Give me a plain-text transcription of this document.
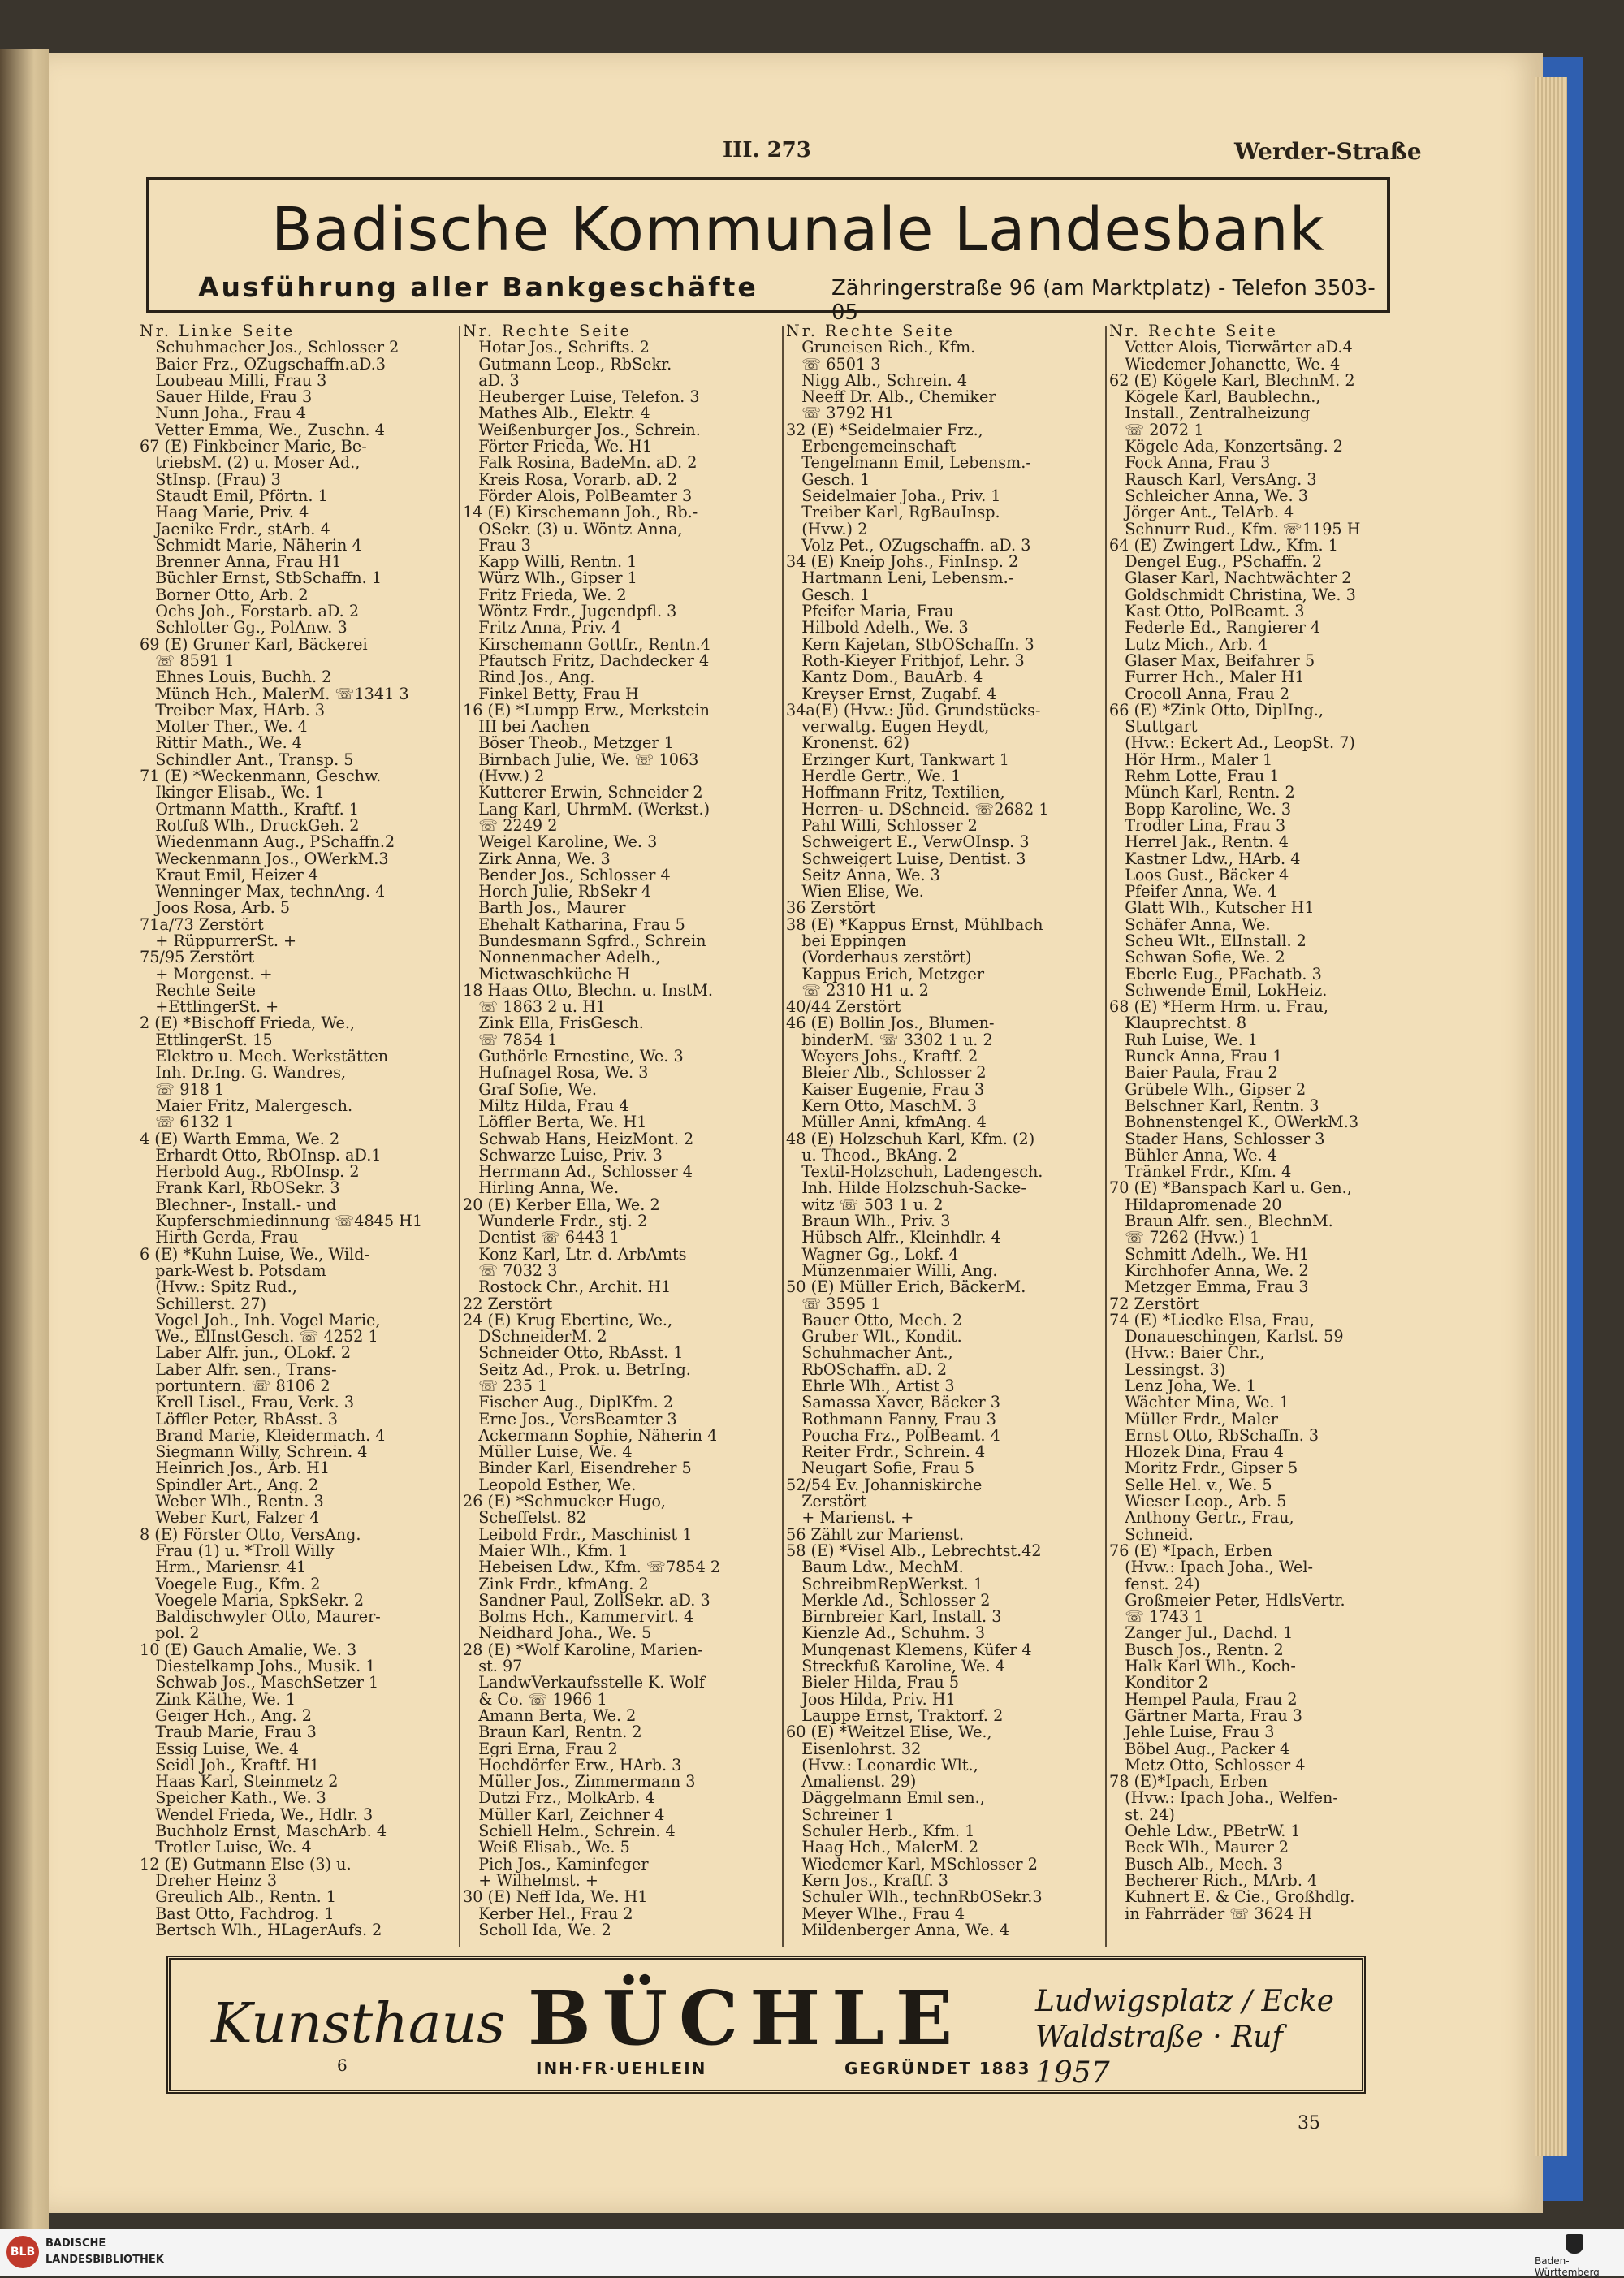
III. 273	Werder-Straße
Badische Kommunale Landesbank
Ausführung aller Bankgeschäfte	Zähringerstraße 96 (am Marktplatz) - Telefon 3503-05
Nr. Linke Seite
 Schuhmacher Jos., Schlosser 2
 Baier Frz., OZugschaffn.aD.3
 Loubeau Milli, Frau 3
 Sauer Hilde, Frau 3
 Nunn Joha., Frau 4
 Vetter Emma, We., Zuschn. 4
67 (E) Finkbeiner Marie, Be-
 triebsM. (2) u. Moser Ad.,
 StInsp. (Frau) 3
 Staudt Emil, Pförtn. 1
 Haag Marie, Priv. 4
 Jaenike Frdr., stArb. 4
 Schmidt Marie, Näherin 4
 Brenner Anna, Frau H1
 Büchler Ernst, StbSchaffn. 1
 Borner Otto, Arb. 2
 Ochs Joh., Forstarb. aD. 2
 Schlotter Gg., PolAnw. 3
69 (E) Gruner Karl, Bäckerei
 ☏ 8591 1
 Ehnes Louis, Buchh. 2
 Münch Hch., MalerM. ☏1341 3
 Treiber Max, HArb. 3
 Molter Ther., We. 4
 Rittir Math., We. 4
 Schindler Ant., Transp. 5
71 (E) *Weckenmann, Geschw.
 Ikinger Elisab., We. 1
 Ortmann Matth., Kraftf. 1
 Rotfuß Wlh., DruckGeh. 2
 Wiedenmann Aug., PSchaffn.2
 Weckenmann Jos., OWerkM.3
 Kraut Emil, Heizer 4
 Wenninger Max, technAng. 4
 Joos Rosa, Arb. 5
71a/73 Zerstört
 + RüppurrerSt. +
75/95 Zerstört
 + Morgenst. +
 Rechte Seite
 +EttlingerSt. +
2 (E) *Bischoff Frieda, We.,
 EttlingerSt. 15
 Elektro u. Mech. Werkstätten
 Inh. Dr.Ing. G. Wandres,
 ☏ 918 1
 Maier Fritz, Malergesch.
 ☏ 6132 1
4 (E) Warth Emma, We. 2
 Erhardt Otto, RbOInsp. aD.1
 Herbold Aug., RbOInsp. 2
 Frank Karl, RbOSekr. 3
 Blechner-, Install.- und
 Kupferschmiedinnung ☏4845 H1
 Hirth Gerda, Frau
6 (E) *Kuhn Luise, We., Wild-
 park-West b. Potsdam
 (Hvw.: Spitz Rud.,
 Schillerst. 27)
 Vogel Joh., Inh. Vogel Marie,
 We., ElInstGesch. ☏ 4252 1
 Laber Alfr. jun., OLokf. 2
 Laber Alfr. sen., Trans-
 portuntern. ☏ 8106 2
 Krell Lisel., Frau, Verk. 3
 Löffler Peter, RbAsst. 3
 Brand Marie, Kleidermach. 4
 Siegmann Willy, Schrein. 4
 Heinrich Jos., Arb. H1
 Spindler Art., Ang. 2
 Weber Wlh., Rentn. 3
 Weber Kurt, Falzer 4
8 (E) Förster Otto, VersAng.
 Frau (1) u. *Troll Willy
 Hrm., Mariensr. 41
 Voegele Eug., Kfm. 2
 Voegele Maria, SpkSekr. 2
 Baldischwyler Otto, Maurer-
 pol. 2
10 (E) Gauch Amalie, We. 3
 Diestelkamp Johs., Musik. 1
 Schwab Jos., MaschSetzer 1
 Zink Käthe, We. 1
 Geiger Hch., Ang. 2
 Traub Marie, Frau 3
 Essig Luise, We. 4
 Seidl Joh., Kraftf. H1
 Haas Karl, Steinmetz 2
 Speicher Kath., We. 3
 Wendel Frieda, We., Hdlr. 3
 Buchholz Ernst, MaschArb. 4
 Trotler Luise, We. 4
12 (E) Gutmann Else (3) u.
 Dreher Heinz 3
 Greulich Alb., Rentn. 1
 Bast Otto, Fachdrog. 1
 Bertsch Wlh., HLagerAufs. 2
Nr. Rechte Seite
 Hotar Jos., Schrifts. 2
 Gutmann Leop., RbSekr.
 aD. 3
 Heuberger Luise, Telefon. 3
 Mathes Alb., Elektr. 4
 Weißenburger Jos., Schrein.
 Förter Frieda, We. H1
 Falk Rosina, BadeMn. aD. 2
 Kreis Rosa, Vorarb. aD. 2
 Förder Alois, PolBeamter 3
14 (E) Kirschemann Joh., Rb.-
 OSekr. (3) u. Wöntz Anna,
 Frau 3
 Kapp Willi, Rentn. 1
 Würz Wlh., Gipser 1
 Fritz Frieda, We. 2
 Wöntz Frdr., Jugendpfl. 3
 Fritz Anna, Priv. 4
 Kirschemann Gottfr., Rentn.4
 Pfautsch Fritz, Dachdecker 4
 Rind Jos., Ang.
 Finkel Betty, Frau H
16 (E) *Lumpp Erw., Merkstein
 III bei Aachen
 Böser Theob., Metzger 1
 Birnbach Julie, We. ☏ 1063
 (Hvw.) 2
 Kutterer Erwin, Schneider 2
 Lang Karl, UhrmM. (Werkst.)
 ☏ 2249 2
 Weigel Karoline, We. 3
 Zirk Anna, We. 3
 Bender Jos., Schlosser 4
 Horch Julie, RbSekr 4
 Barth Jos., Maurer
 Ehehalt Katharina, Frau 5
 Bundesmann Sgfrd., Schrein
 Nonnenmacher Adelh.,
 Mietwaschküche H
18 Haas Otto, Blechn. u. InstM.
 ☏ 1863 2 u. H1
 Zink Ella, FrisGesch.
 ☏ 7854 1
 Guthörle Ernestine, We. 3
 Hufnagel Rosa, We. 3
 Graf Sofie, We.
 Miltz Hilda, Frau 4
 Löffler Berta, We. H1
 Schwab Hans, HeizMont. 2
 Schwarze Luise, Priv. 3
 Herrmann Ad., Schlosser 4
 Hirling Anna, We.
20 (E) Kerber Ella, We. 2
 Wunderle Frdr., stj. 2
 Dentist ☏ 6443 1
 Konz Karl, Ltr. d. ArbAmts
 ☏ 7032 3
 Rostock Chr., Archit. H1
22 Zerstört
24 (E) Krug Ebertine, We.,
 DSchneiderM. 2
 Schneider Otto, RbAsst. 1
 Seitz Ad., Prok. u. BetrIng.
 ☏ 235 1
 Fischer Aug., DiplKfm. 2
 Erne Jos., VersBeamter 3
 Ackermann Sophie, Näherin 4
 Müller Luise, We. 4
 Binder Karl, Eisendreher 5
 Leopold Esther, We.
26 (E) *Schmucker Hugo,
 Scheffelst. 82
 Leibold Frdr., Maschinist 1
 Maier Wlh., Kfm. 1
 Hebeisen Ldw., Kfm. ☏7854 2
 Zink Frdr., kfmAng. 2
 Sandner Paul, ZollSekr. aD. 3
 Bolms Hch., Kammervirt. 4
 Neidhard Joha., We. 5
28 (E) *Wolf Karoline, Marien-
 st. 97
 LandwVerkaufsstelle K. Wolf
 & Co. ☏ 1966 1
 Amann Berta, We. 2
 Braun Karl, Rentn. 2
 Egri Erna, Frau 2
 Hochdörfer Erw., HArb. 3
 Müller Jos., Zimmermann 3
 Dutzi Frz., MolkArb. 4
 Müller Karl, Zeichner 4
 Schiell Helm., Schrein. 4
 Weiß Elisab., We. 5
 Pich Jos., Kaminfeger
 + Wilhelmst. +
30 (E) Neff Ida, We. H1
 Kerber Hel., Frau 2
 Scholl Ida, We. 2
Nr. Rechte Seite
 Gruneisen Rich., Kfm.
 ☏ 6501 3
 Nigg Alb., Schrein. 4
 Neeff Dr. Alb., Chemiker
 ☏ 3792 H1
32 (E) *Seidelmaier Frz.,
 Erbengemeinschaft
 Tengelmann Emil, Lebensm.-
 Gesch. 1
 Seidelmaier Joha., Priv. 1
 Treiber Karl, RgBauInsp.
 (Hvw.) 2
 Volz Pet., OZugschaffn. aD. 3
34 (E) Kneip Johs., FinInsp. 2
 Hartmann Leni, Lebensm.-
 Gesch. 1
 Pfeifer Maria, Frau
 Hilbold Adelh., We. 3
 Kern Kajetan, StbOSchaffn. 3
 Roth-Kieyer Frithjof, Lehr. 3
 Kantz Dom., BauArb. 4
 Kreyser Ernst, Zugabf. 4
34a(E) (Hvw.: Jüd. Grundstücks-
 verwaltg. Eugen Heydt,
 Kronenst. 62)
 Erzinger Kurt, Tankwart 1
 Herdle Gertr., We. 1
 Hoffmann Fritz, Textilien,
 Herren- u. DSchneid. ☏2682 1
 Pahl Willi, Schlosser 2
 Schweigert E., VerwOInsp. 3
 Schweigert Luise, Dentist. 3
 Seitz Anna, We. 3
 Wien Elise, We.
36 Zerstört
38 (E) *Kappus Ernst, Mühlbach
 bei Eppingen
 (Vorderhaus zerstört)
 Kappus Erich, Metzger
 ☏ 2310 H1 u. 2
40/44 Zerstört
46 (E) Bollin Jos., Blumen-
 binderM. ☏ 3302 1 u. 2
 Weyers Johs., Kraftf. 2
 Bleier Alb., Schlosser 2
 Kaiser Eugenie, Frau 3
 Kern Otto, MaschM. 3
 Müller Anni, kfmAng. 4
48 (E) Holzschuh Karl, Kfm. (2)
 u. Theod., BkAng. 2
 Textil-Holzschuh, Ladengesch.
 Inh. Hilde Holzschuh-Sacke-
 witz ☏ 503 1 u. 2
 Braun Wlh., Priv. 3
 Hübsch Alfr., Kleinhdlr. 4
 Wagner Gg., Lokf. 4
 Münzenmaier Willi, Ang.
50 (E) Müller Erich, BäckerM.
 ☏ 3595 1
 Bauer Otto, Mech. 2
 Gruber Wlt., Kondit.
 Schuhmacher Ant.,
 RbOSchaffn. aD. 2
 Ehrle Wlh., Artist 3
 Samassa Xaver, Bäcker 3
 Rothmann Fanny, Frau 3
 Poucha Frz., PolBeamt. 4
 Reiter Frdr., Schrein. 4
 Neugart Sofie, Frau 5
52/54 Ev. Johanniskirche
 Zerstört
 + Marienst. +
56 Zählt zur Marienst.
58 (E) *Visel Alb., Lebrechtst.42
 Baum Ldw., MechM.
 SchreibmRepWerkst. 1
 Merkle Ad., Schlosser 2
 Birnbreier Karl, Install. 3
 Kienzle Ad., Schuhm. 3
 Mungenast Klemens, Küfer 4
 Streckfuß Karoline, We. 4
 Bieler Hilda, Frau 5
 Joos Hilda, Priv. H1
 Lauppe Ernst, Traktorf. 2
60 (E) *Weitzel Elise, We.,
 Eisenlohrst. 32
 (Hvw.: Leonardic Wlt.,
 Amalienst. 29)
 Däggelmann Emil sen.,
 Schreiner 1
 Schuler Herb., Kfm. 1
 Haag Hch., MalerM. 2
 Wiedemer Karl, MSchlosser 2
 Kern Jos., Kraftf. 3
 Schuler Wlh., technRbOSekr.3
 Meyer Wlhe., Frau 4
 Mildenberger Anna, We. 4
Nr. Rechte Seite
 Vetter Alois, Tierwärter aD.4
 Wiedemer Johanette, We. 4
62 (E) Kögele Karl, BlechnM. 2
 Kögele Karl, Baublechn.,
 Install., Zentralheizung
 ☏ 2072 1
 Kögele Ada, Konzertsäng. 2
 Fock Anna, Frau 3
 Rausch Karl, VersAng. 3
 Schleicher Anna, We. 3
 Jörger Ant., TelArb. 4
 Schnurr Rud., Kfm. ☏1195 H
64 (E) Zwingert Ldw., Kfm. 1
 Dengel Eug., PSchaffn. 2
 Glaser Karl, Nachtwächter 2
 Goldschmidt Christina, We. 3
 Kast Otto, PolBeamt. 3
 Federle Ed., Rangierer 4
 Lutz Mich., Arb. 4
 Glaser Max, Beifahrer 5
 Furrer Hch., Maler H1
 Crocoll Anna, Frau 2
66 (E) *Zink Otto, DiplIng.,
 Stuttgart
 (Hvw.: Eckert Ad., LeopSt. 7)
 Hör Hrm., Maler 1
 Rehm Lotte, Frau 1
 Münch Karl, Rentn. 2
 Bopp Karoline, We. 3
 Trodler Lina, Frau 3
 Herrel Jak., Rentn. 4
 Kastner Ldw., HArb. 4
 Loos Gust., Bäcker 4
 Pfeifer Anna, We. 4
 Glatt Wlh., Kutscher H1
 Schäfer Anna, We.
 Scheu Wlt., ElInstall. 2
 Schwan Sofie, We. 2
 Eberle Eug., PFachatb. 3
 Schwende Emil, LokHeiz.
68 (E) *Herm Hrm. u. Frau,
 Klauprechtst. 8
 Ruh Luise, We. 1
 Runck Anna, Frau 1
 Baier Paula, Frau 2
 Grübele Wlh., Gipser 2
 Belschner Karl, Rentn. 3
 Bohnenstengel K., OWerkM.3
 Stader Hans, Schlosser 3
 Bühler Anna, We. 4
 Tränkel Frdr., Kfm. 4
70 (E) *Banspach Karl u. Gen.,
 Hildapromenade 20
 Braun Alfr. sen., BlechnM.
 ☏ 7262 (Hvw.) 1
 Schmitt Adelh., We. H1
 Kirchhofer Anna, We. 2
 Metzger Emma, Frau 3
72 Zerstört
74 (E) *Liedke Elsa, Frau,
 Donaueschingen, Karlst. 59
 (Hvw.: Baier Chr.,
 Lessingst. 3)
 Lenz Joha, We. 1
 Wächter Mina, We. 1
 Müller Frdr., Maler
 Ernst Otto, RbSchaffn. 3
 Hlozek Dina, Frau 4
 Moritz Frdr., Gipser 5
 Selle Hel. v., We. 5
 Wieser Leop., Arb. 5
 Anthony Gertr., Frau,
 Schneid.
76 (E) *Ipach, Erben
 (Hvw.: Ipach Joha., Wel-
 fenst. 24)
 Großmeier Peter, HdlsVertr.
 ☏ 1743 1
 Zanger Jul., Dachd. 1
 Busch Jos., Rentn. 2
 Halk Karl Wlh., Koch-
 Konditor 2
 Hempel Paula, Frau 2
 Gärtner Marta, Frau 3
 Jehle Luise, Frau 3
 Böbel Aug., Packer 4
 Metz Otto, Schlosser 4
78 (E)*Ipach, Erben
 (Hvw.: Ipach Joha., Welfen-
 st. 24)
 Oehle Ldw., PBetrW. 1
 Beck Wlh., Maurer 2
 Busch Alb., Mech. 3
 Becherer Rich., MArb. 4
 Kuhnert E. & Cie., Großhdlg.
 in Fahrräder ☏ 3624 H
Kunsthaus
6
BÜCHLE
INH·FR·UEHLEIN	GEGRÜNDET 1883
Ludwigsplatz / Ecke
Waldstraße · Ruf 1957
35
BLB
BADISCHE
LANDESBIBLIOTHEK	Baden-Württemberg
